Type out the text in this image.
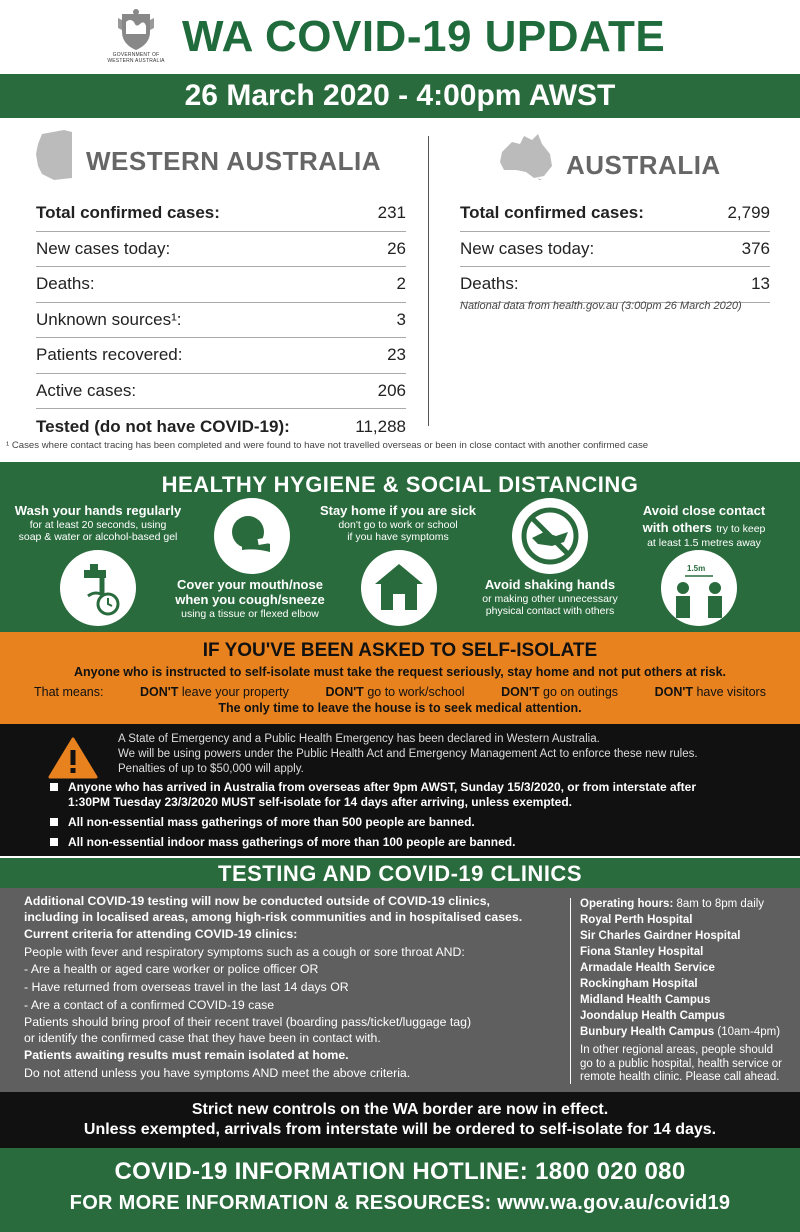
GOVERNMENT OF
WESTERN AUSTRALIA WA COVID-19 UPDATE
26 March 2020 - 4:00pm AWST
WESTERN AUSTRALIA	AUSTRALIA
Total confirmed cases:	231
New cases today:	26
Deaths:	2
Unknown sources¹:	3
Patients recovered:	23
Active cases:	206
Tested (do not have COVID-19):	11,288
Total confirmed cases:	2,799
New cases today:	376
Deaths:	13
National data from health.gov.au (3:00pm 26 March 2020)
¹ Cases where contact tracing has been completed and were found to have not travelled overseas or been in close contact with another confirmed case
HEALTHY HYGIENE & SOCIAL DISTANCING
Wash your hands regularly
for at least 20 seconds, using
soap & water or alcohol-based gel
Cover your mouth/nose
when you cough/sneeze
using a tissue or flexed elbow
Stay home if you are sick
don't go to work or school
if you have symptoms
Avoid shaking hands
or making other unnecessary
physical contact with others
Avoid close contact
with others try to keep
at least 1.5 metres away
1.5m
IF YOU'VE BEEN ASKED TO SELF-ISOLATE
Anyone who is instructed to self-isolate must take the request seriously, stay home and not put others at risk.
That means:	DON'T leave your property	DON'T go to work/school	DON'T go on outings	DON'T have visitors
The only time to leave the house is to seek medical attention.
A State of Emergency and a Public Health Emergency has been declared in Western Australia.
We will be using powers under the Public Health Act and Emergency Management Act to enforce these new rules.
Penalties of up to $50,000 will apply.
Anyone who has arrived in Australia from overseas after 9pm AWST, Sunday 15/3/2020, or from interstate after
1:30PM Tuesday 23/3/2020 MUST self-isolate for 14 days after arriving, unless exempted.
All non-essential mass gatherings of more than 500 people are banned.
All non-essential indoor mass gatherings of more than 100 people are banned.
TESTING AND COVID-19 CLINICS

Additional COVID-19 testing will now be conducted outside of COVID-19 clinics,
including in localised areas, among high-risk communities and in hospitalised cases.

Current criteria for attending COVID-19 clinics:

People with fever and respiratory symptoms such as a cough or sore throat AND:

- Are a health or aged care worker or police officer OR

- Have returned from overseas travel in the last 14 days OR

- Are a contact of a confirmed COVID-19 case

Patients should bring proof of their recent travel (boarding pass/ticket/luggage tag)
or identify the confirmed case that they have been in contact with.

Patients awaiting results must remain isolated at home.

Do not attend unless you have symptoms AND meet the above criteria.

Operating hours: 8am to 8pm daily
Royal Perth Hospital
Sir Charles Gairdner Hospital
Fiona Stanley Hospital
Armadale Health Service
Rockingham Hospital
Midland Health Campus
Joondalup Health Campus
Bunbury Health Campus (10am-4pm)
In other regional areas, people should
go to a public hospital, health service or
remote health clinic. Please call ahead.
Strict new controls on the WA border are now in effect.
Unless exempted, arrivals from interstate will be ordered to self-isolate for 14 days.
COVID-19 INFORMATION HOTLINE: 1800 020 080
FOR MORE INFORMATION & RESOURCES: www.wa.gov.au/covid19
